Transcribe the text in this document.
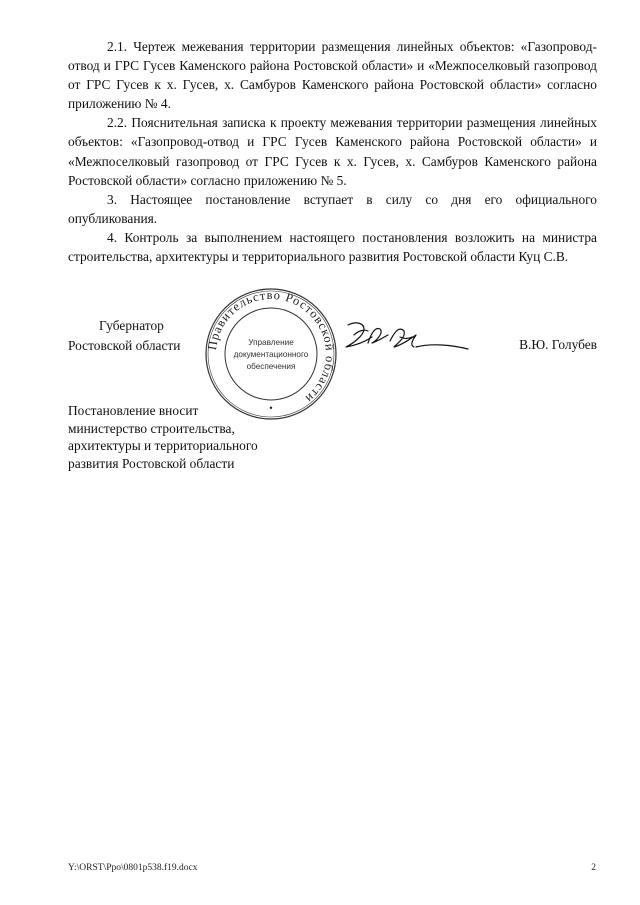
2.1. Чертеж межевания территории размещения линейных объектов: «Газопровод-отвод и ГРС Гусев Каменского района Ростовской области» и «Межпоселковый газопровод от ГРС Гусев к х. Гусев, х. Самбуров Каменского района Ростовской области» согласно приложению № 4.

2.2. Пояснительная записка к проекту межевания территории размещения линейных объектов: «Газопровод-отвод и ГРС Гусев Каменского района Ростовской области» и «Межпоселковый газопровод от ГРС Гусев к х. Гусев, х. Самбуров Каменского района Ростовской области» согласно приложению № 5.

3. Настоящее постановление вступает в силу со дня его официального опубликования.

4. Контроль за выполнением настоящего постановления возложить на министра строительства, архитектуры и территориального развития Ростовской области Куц С.В.

Губернатор
Ростовской области Правительство Ростовской области
Управление
документационного
обеспечения
•
В.Ю. Голубев
Постановление вносит
министерство строительства,
архитектуры и территориального
развития Ростовской области
Y:\ORST\Ppo\0801p538.f19.docx	2
